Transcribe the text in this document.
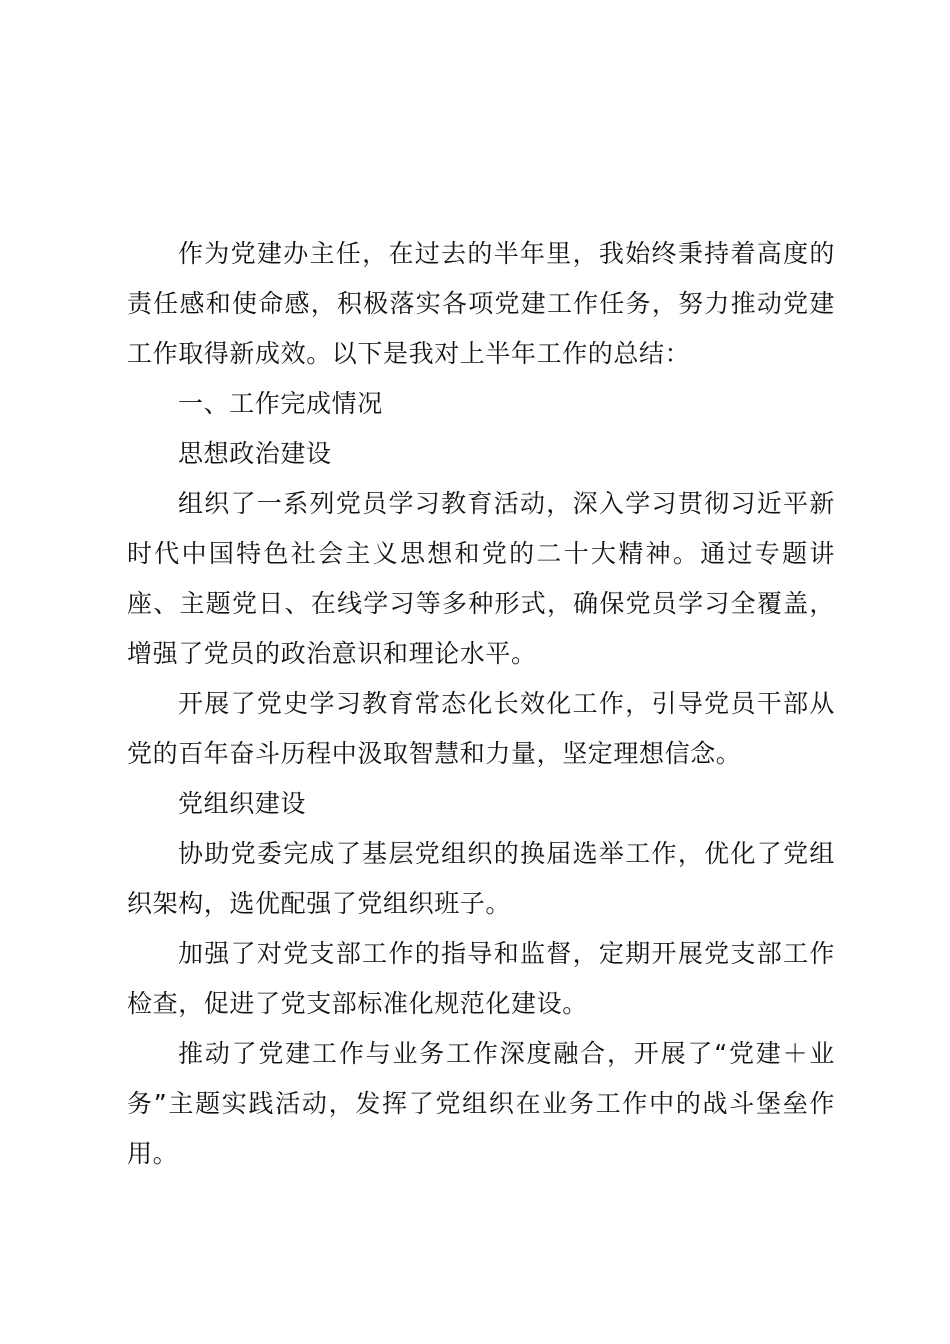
作为党建办主任，在过去的半年里，我始终秉持着高度的责任感和使命感，积极落实各项党建工作任务，努力推动党建工作取得新成效。以下是我对上半年工作的总结：

一、工作完成情况

思想政治建设

组织了一系列党员学习教育活动，深入学习贯彻习近平新时代中国特色社会主义思想和党的二十大精神。通过专题讲座、主题党日、在线学习等多种形式，确保党员学习全覆盖，增强了党员的政治意识和理论水平。

开展了党史学习教育常态化长效化工作，引导党员干部从党的百年奋斗历程中汲取智慧和力量，坚定理想信念。

党组织建设

协助党委完成了基层党组织的换届选举工作，优化了党组织架构，选优配强了党组织班子。

加强了对党支部工作的指导和监督，定期开展党支部工作检查，促进了党支部标准化规范化建设。

推动了党建工作与业务工作深度融合，开展了“党建＋业务”主题实践活动，发挥了党组织在业务工作中的战斗堡垒作用。
